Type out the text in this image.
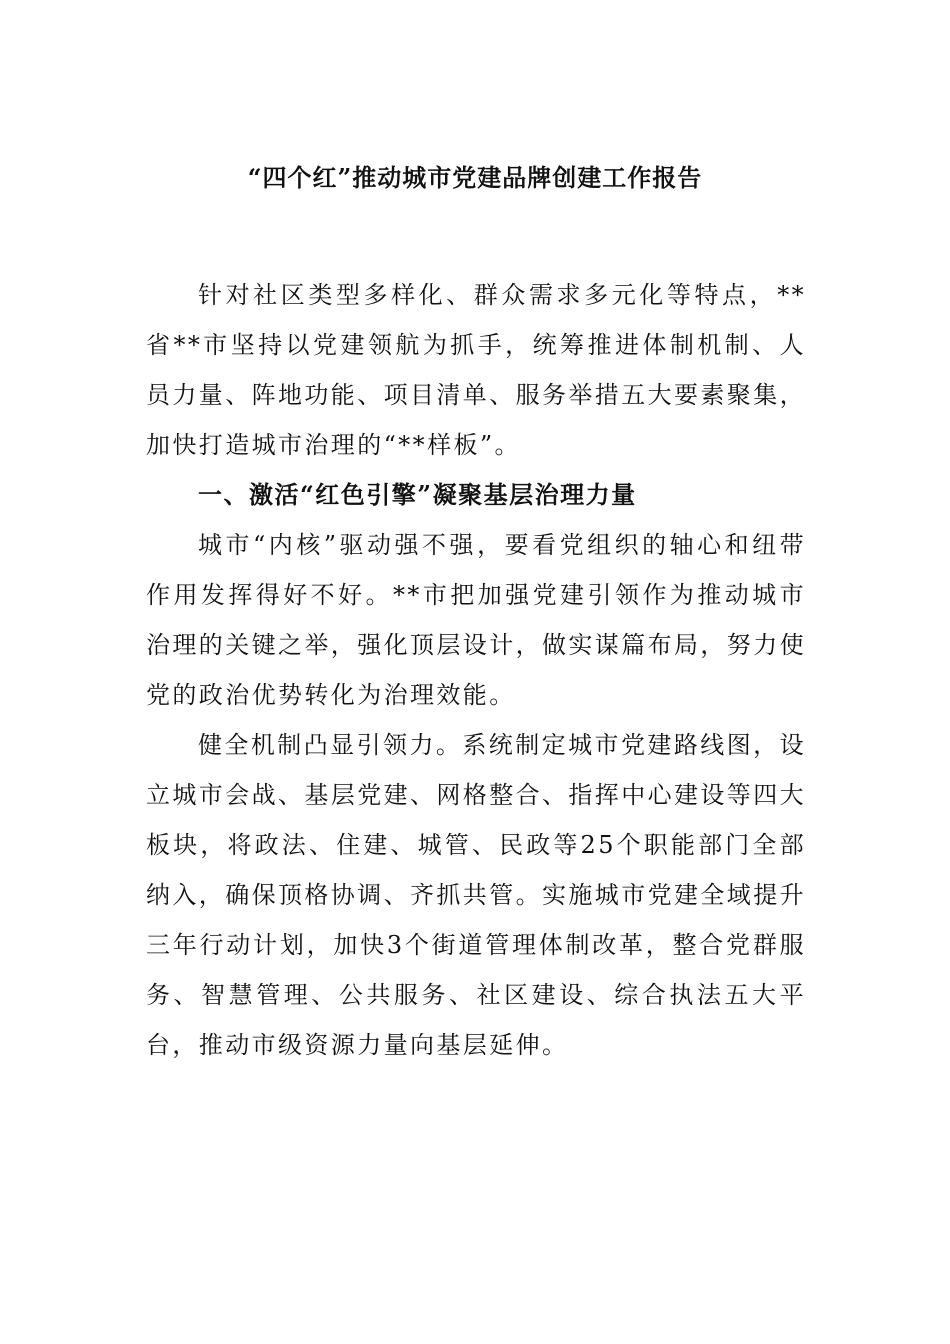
“四个红”推动城市党建品牌创建工作报告

针对社区类型多样化、群众需求多元化等特点，**省**市坚持以党建领航为抓手，统筹推进体制机制、人员力量、阵地功能、项目清单、服务举措五大要素聚集，加快打造城市治理的“**样板”。

一、激活“红色引擎”凝聚基层治理力量

城市“内核”驱动强不强，要看党组织的轴心和纽带作用发挥得好不好。**市把加强党建引领作为推动城市治理的关键之举，强化顶层设计，做实谋篇布局，努力使党的政治优势转化为治理效能。

健全机制凸显引领力。系统制定城市党建路线图，设立城市会战、基层党建、网格整合、指挥中心建设等四大板块，将政法、住建、城管、民政等25个职能部门全部纳入，确保顶格协调、齐抓共管。实施城市党建全域提升三年行动计划，加快3个街道管理体制改革，整合党群服务、智慧管理、公共服务、社区建设、综合执法五大平台，推动市级资源力量向基层延伸。
